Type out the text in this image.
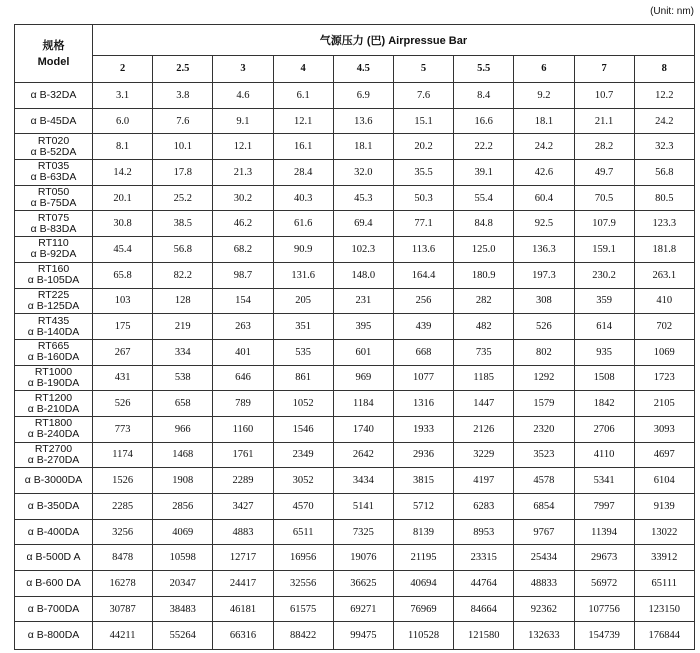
(Unit: nm)
规格
Model	气源压力 (巴) Airpressue Bar									
	2	2.5	3	4	4.5	5	5.5	6	7	8

α B-32DA	3.1	3.8	4.6	6.1	6.9	7.6	8.4	9.2	10.7	12.2

α B-45DA	6.0	7.6	9.1	12.1	13.6	15.1	16.6	18.1	21.1	24.2

RT020
α B-52DA	8.1	10.1	12.1	16.1	18.1	20.2	22.2	24.2	28.2	32.3

RT035
α B-63DA	14.2	17.8	21.3	28.4	32.0	35.5	39.1	42.6	49.7	56.8

RT050
α B-75DA	20.1	25.2	30.2	40.3	45.3	50.3	55.4	60.4	70.5	80.5

RT075
α B-83DA	30.8	38.5	46.2	61.6	69.4	77.1	84.8	92.5	107.9	123.3

RT110
α B-92DA	45.4	56.8	68.2	90.9	102.3	113.6	125.0	136.3	159.1	181.8

RT160
α B-105DA	65.8	82.2	98.7	131.6	148.0	164.4	180.9	197.3	230.2	263.1

RT225
α B-125DA	103	128	154	205	231	256	282	308	359	410

RT435
α B-140DA	175	219	263	351	395	439	482	526	614	702

RT665
α B-160DA	267	334	401	535	601	668	735	802	935	1069

RT1000
α B-190DA	431	538	646	861	969	1077	1185	1292	1508	1723

RT1200
α B-210DA	526	658	789	1052	1184	1316	1447	1579	1842	2105

RT1800
α B-240DA	773	966	1160	1546	1740	1933	2126	2320	2706	3093

RT2700
α B-270DA	1174	1468	1761	2349	2642	2936	3229	3523	4110	4697

α B-3000DA	1526	1908	2289	3052	3434	3815	4197	4578	5341	6104

α B-350DA	2285	2856	3427	4570	5141	5712	6283	6854	7997	9139

α B-400DA	3256	4069	4883	6511	7325	8139	8953	9767	11394	13022

α B-500D A	8478	10598	12717	16956	19076	21195	23315	25434	29673	33912

α B-600 DA	16278	20347	24417	32556	36625	40694	44764	48833	56972	65111

α B-700DA	30787	38483	46181	61575	69271	76969	84664	92362	107756	123150

α B-800DA	44211	55264	66316	88422	99475	110528	121580	132633	154739	176844
